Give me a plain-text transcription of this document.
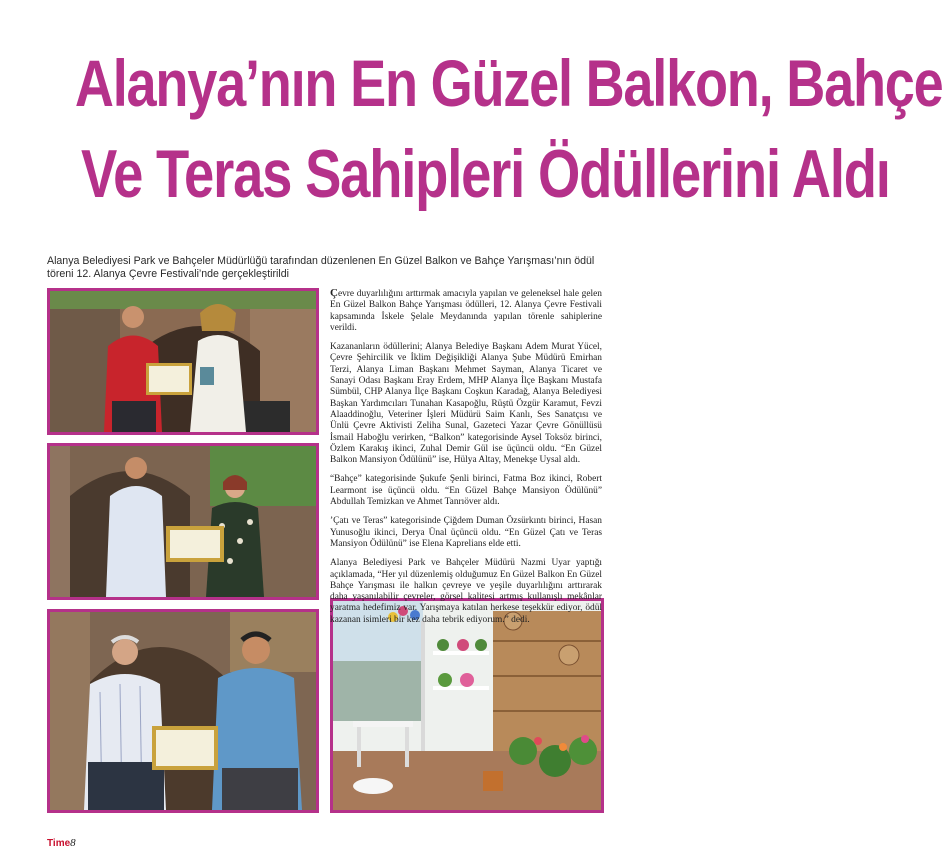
Alanya’nın En Güzel Balkon, Bahçe
Ve Teras Sahipleri Ödüllerini Aldı
Alanya Belediyesi Park ve Bahçeler Müdürlüğü tarafından düzenlenen En Güzel Balkon ve Bahçe Yarışması’nın ödül töreni 12. Alanya Çevre Festivali’nde gerçekleştirildi

Çevre duyarlılığını arttırmak amacıyla yapılan ve geleneksel hale gelen En Güzel Balkon Bahçe Yarışması ödülleri, 12. Alanya Çevre Festivali kapsamında İskele Şelale Meydanında yapılan törenle sahiplerine verildi.

Kazananların ödüllerini; Alanya Belediye Başkanı Adem Murat Yücel, Çevre Şehircilik ve İklim Değişikliği Alanya Şube Müdürü Emirhan Terzi, Alanya Liman Başkanı Mehmet Sayman, Alanya Ticaret ve Sanayi Odası Başkanı Eray Erdem, MHP Alanya İlçe Başkanı Mustafa Sümbül, CHP Alanya İlçe Başkanı Coşkun Karadağ, Alanya Belediyesi Başkan Yardımcıları Tunahan Kasapoğlu, Rüştü Özgür Karamut, Fevzi Alaaddinoğlu, Veteriner İşleri Müdürü Saim Kanlı, Ses Sanatçısı ve Ünlü Çevre Aktivisti Zeliha Sunal, Gazeteci Yazar Çevre Gönüllüsü İsmail Haboğlu verirken, “Balkon” kategorisinde Aysel Toksöz birinci, Özlem Karakış ikinci, Zuhal Demir Gül ise üçüncü oldu. “En Güzel Balkon Mansiyon Ödülünü” ise, Hülya Altay, Menekşe Uysal aldı.

“Bahçe” kategorisinde Şukufe Şenli birinci, Fatma Boz ikinci, Robert Learmont ise üçüncü oldu. “En Güzel Bahçe Mansiyon Ödülünü” Abdullah Temizkan ve Ahmet Tanrıöver aldı.

’Çatı ve Teras” kategorisinde Çiğdem Duman Özsürkıntı birinci, Hasan Yunusoğlu ikinci, Derya Ünal üçüncü oldu. “En Güzel Çatı ve Teras Mansiyon Ödülünü” ise Elena Kaprelians elde etti.

Alanya Belediyesi Park ve Bahçeler Müdürü Nazmi Uyar yaptığı açıklamada, “Her yıl düzenlemiş olduğumuz En Güzel Balkon En Güzel Bahçe Yarışması ile halkın çevreye ve yeşile duyarlılığını arttırarak daha yaşanılabilir çevreler, görsel kalitesi artmış kullanışlı mekânlar yaratma hedefimiz var. Yarışmaya katılan herkese teşekkür ediyor, ödül kazanan isimleri bir kez daha tebrik ediyorum.” dedi.

Time8
